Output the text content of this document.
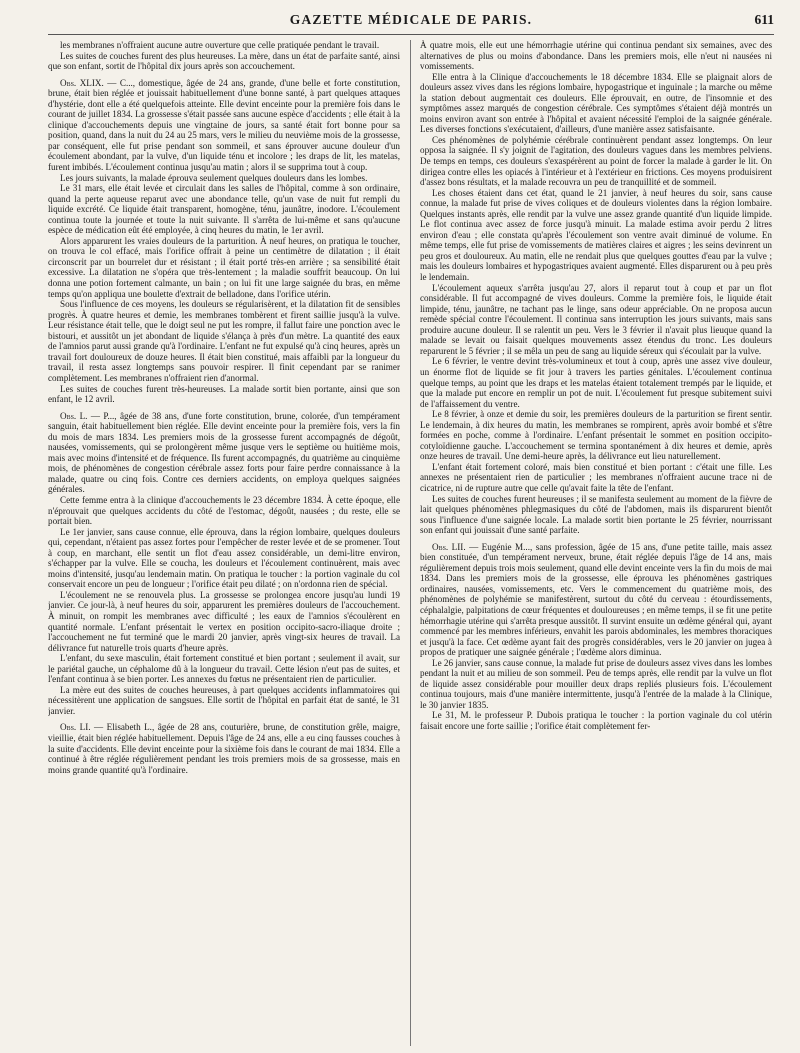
GAZETTE MÉDICALE DE PARIS.	611

les membranes n'offraient aucune autre ouverture que celle pratiquée pendant le travail.

Les suites de couches furent des plus heureuses. La mère, dans un état de parfaite santé, ainsi que son enfant, sortit de l'hôpital dix jours après son accouchement.

Obs. XLIX. — C..., domestique, âgée de 24 ans, grande, d'une belle et forte constitution, brune, était bien réglée et jouissait habituellement d'une bonne santé, à part quelques attaques d'hystérie, dont elle a été quelquefois atteinte. Elle devint enceinte pour la première fois dans le courant de juillet 1834. La grossesse s'était passée sans aucune espèce d'accidents ; elle était à la clinique d'accouchements depuis une vingtaine de jours, sa santé était fort bonne pour sa position, quand, dans la nuit du 24 au 25 mars, vers le milieu du neuvième mois de la grossesse, par conséquent, elle fut prise pendant son sommeil, et sans éprouver aucune douleur d'un écoulement abondant, par la vulve, d'un liquide ténu et incolore ; les draps de lit, les matelas, furent imbibés. L'écoulement continua jusqu'au matin ; alors il se supprima tout à coup.

Les jours suivants, la malade éprouva seulement quelques douleurs dans les lombes.

Le 31 mars, elle était levée et circulait dans les salles de l'hôpital, comme à son ordinaire, quand la perte aqueuse reparut avec une abondance telle, qu'un vase de nuit fut rempli du liquide excrété. Ce liquide était transparent, homogène, ténu, jaunâtre, inodore. L'écoulement continua toute la journée et toute la nuit suivante. Il s'arrêta de lui-même et sans qu'aucune espèce de médication eût été employée, à cinq heures du matin, le 1er avril.

Alors apparurent les vraies douleurs de la parturition. À neuf heures, on pratiqua le toucher, on trouva le col effacé, mais l'orifice offrait à peine un centimètre de dilatation ; il était circonscrit par un bourrelet dur et résistant ; il était porté très-en arrière ; sa sensibilité était excessive. La dilatation ne s'opéra que très-lentement ; la maladie souffrit beaucoup. On lui donna une potion fortement calmante, un bain ; on lui fit une large saignée du bras, en même temps qu'on appliqua une boulette d'extrait de belladone, dans l'orifice utérin.

Sous l'influence de ces moyens, les douleurs se régularisèrent, et la dilatation fit de sensibles progrès. À quatre heures et demie, les membranes tombèrent et firent saillie jusqu'à la vulve. Leur résistance était telle, que le doigt seul ne put les rompre, il fallut faire une ponction avec le bistouri, et aussitôt un jet abondant de liquide s'élança à près d'un mètre. La quantité des eaux de l'amnios parut aussi grande qu'à l'ordinaire. L'enfant ne fut expulsé qu'à cinq heures, après un travail fort douloureux de douze heures. Il était bien constitué, mais affaibli par la longueur du travail, il resta assez longtemps sans pouvoir respirer. Il finit cependant par se ranimer complètement. Les membranes n'offraient rien d'anormal.

Les suites de couches furent très-heureuses. La malade sortit bien portante, ainsi que son enfant, le 12 avril.

Obs. L. — P..., âgée de 38 ans, d'une forte constitution, brune, colorée, d'un tempérament sanguin, était habituellement bien réglée. Elle devint enceinte pour la première fois, vers la fin du mois de mars 1834. Les premiers mois de la grossesse furent accompagnés de dégoût, nausées, vomissements, qui se prolongèrent même jusque vers le septième ou huitième mois, mais avec moins d'intensité et de fréquence. Ils furent accompagnés, du quatrième au cinquième mois, de phénomènes de congestion cérébrale assez forts pour faire perdre connaissance à la malade, quatre ou cinq fois. Contre ces derniers accidents, on employa quelques saignées générales.

Cette femme entra à la clinique d'accouchements le 23 décembre 1834. À cette époque, elle n'éprouvait que quelques accidents du côté de l'estomac, dégoût, nausées ; du reste, elle se portait bien.

Le 1er janvier, sans cause connue, elle éprouva, dans la région lombaire, quelques douleurs qui, cependant, n'étaient pas assez fortes pour l'empêcher de rester levée et de se promener. Tout à coup, en marchant, elle sentit un flot d'eau assez considérable, un demi-litre environ, s'échapper par la vulve. Elle se coucha, les douleurs et l'écoulement continuèrent, mais avec moins d'intensité, jusqu'au lendemain matin. On pratiqua le toucher : la portion vaginale du col conservait encore un peu de longueur ; l'orifice était peu dilaté ; on n'ordonna rien de spécial.

L'écoulement ne se renouvela plus. La grossesse se prolongea encore jusqu'au lundi 19 janvier. Ce jour-là, à neuf heures du soir, apparurent les premières douleurs de l'accouchement. À minuit, on rompit les membranes avec difficulté ; les eaux de l'amnios s'écoulèrent en quantité normale. L'enfant présentait le vertex en position occipito-sacro-iliaque droite ; l'accouchement ne fut terminé que le mardi 20 janvier, après vingt-six heures de travail. La délivrance fut naturelle trois quarts d'heure après.

L'enfant, du sexe masculin, était fortement constitué et bien portant ; seulement il avait, sur le pariétal gauche, un céphalome dû à la longueur du travail. Cette lésion n'eut pas de suites, et l'enfant continua à se bien porter. Les annexes du fœtus ne présentaient rien de particulier.

La mère eut des suites de couches heureuses, à part quelques accidents inflammatoires qui nécessitèrent une application de sangsues. Elle sortit de l'hôpital en parfait état de santé, le 31 janvier.

Obs. LI. — Elisabeth L., âgée de 28 ans, couturière, brune, de constitution grêle, maigre, vieillie, était bien réglée habituellement. Depuis l'âge de 24 ans, elle a eu cinq fausses couches à la suite d'accidents. Elle devint enceinte pour la sixième fois dans le courant de mai 1834. Elle a continué à être réglée régulièrement pendant les trois premiers mois de sa grossesse, mais en moins grande quantité qu'à l'ordinaire.

À quatre mois, elle eut une hémorrhagie utérine qui continua pendant six semaines, avec des alternatives de plus ou moins d'abondance. Dans les premiers mois, elle n'eut ni nausées ni vomissements.

Elle entra à la Clinique d'accouchements le 18 décembre 1834. Elle se plaignait alors de douleurs assez vives dans les régions lombaire, hypogastrique et inguinale ; la marche ou même la station debout augmentait ces douleurs. Elle éprouvait, en outre, de l'insomnie et des symptômes assez marqués de congestion cérébrale. Ces symptômes s'étaient déjà montrés un moins environ avant son entrée à l'hôpital et avaient nécessité l'emploi de la saignée générale. Les diverses fonctions s'exécutaient, d'ailleurs, d'une manière assez satisfaisante.

Ces phénomènes de polyhémie cérébrale continuèrent pendant assez longtemps. On leur opposa la saignée. Il s'y joignit de l'agitation, des douleurs vagues dans les membres pelviens. De temps en temps, ces douleurs s'exaspérèrent au point de forcer la malade à garder le lit. On dirigea contre elles les opiacés à l'intérieur et à l'extérieur en frictions. Ces moyens produisirent d'assez bons résultats, et la malade recouvra un peu de tranquillité et de sommeil.

Les choses étaient dans cet état, quand le 21 janvier, à neuf heures du soir, sans cause connue, la malade fut prise de vives coliques et de douleurs violentes dans la région lombaire. Quelques instants après, elle rendit par la vulve une assez grande quantité d'un liquide limpide. Le flot continua avec assez de force jusqu'à minuit. La malade estima avoir perdu 2 litres environ d'eau ; elle constata qu'après l'écoulement son ventre avait diminué de volume. En même temps, elle fut prise de vomissements de matières claires et aigres ; les seins devinrent un peu gros et douloureux. Au matin, elle ne rendait plus que quelques gouttes d'eau par la vulve ; mais les douleurs lombaires et hypogastriques avaient augmenté. Elles disparurent ou à peu près le lendemain.

L'écoulement aqueux s'arrêta jusqu'au 27, alors il reparut tout à coup et par un flot considérable. Il fut accompagné de vives douleurs. Comme la première fois, le liquide était limpide, ténu, jaunâtre, ne tachant pas le linge, sans odeur appréciable. On ne proposa aucun remède spécial contre l'écoulement. Il continua sans interruption les jours suivants, mais sans produire aucune douleur. Il se ralentit un peu. Vers le 3 février il n'avait plus lieuque quand la malade se levait ou faisait quelques mouvements assez étendus du tronc. Les douleurs reparurent le 5 février ; il se mêla un peu de sang au liquide séreux qui s'écoulait par la vulve.

Le 6 février, le ventre devint très-volumineux et tout à coup, après une assez vive douleur, un énorme flot de liquide se fit jour à travers les parties génitales. L'écoulement continua quelque temps, au point que les draps et les matelas étaient totalement trempés par le liquide, et que la malade put encore en remplir un pot de nuit. L'écoulement fut presque subitement suivi de l'affaissement du ventre.

Le 8 février, à onze et demie du soir, les premières douleurs de la parturition se firent sentir. Le lendemain, à dix heures du matin, les membranes se rompirent, après avoir bombé et s'être formées en poche, comme à l'ordinaire. L'enfant présentait le sommet en position occipito-cotyloïdienne gauche. L'accouchement se termina spontanément à dix heures et demie, après onze heures de travail. Une demi-heure après, la délivrance eut lieu naturellement.

L'enfant était fortement coloré, mais bien constitué et bien portant : c'était une fille. Les annexes ne présentaient rien de particulier ; les membranes n'offraient aucune trace ni de cicatrice, ni de rupture autre que celle qu'avait faite la tête de l'enfant.

Les suites de couches furent heureuses ; il se manifesta seulement au moment de la fièvre de lait quelques phénomènes phlegmasiques du côté de l'abdomen, mais ils disparurent bientôt sous l'influence d'une saignée locale. La malade sortit bien portante le 25 février, nourrissant son enfant qui jouissait d'une santé parfaite.

Obs. LII. — Eugénie M..., sans profession, âgée de 15 ans, d'une petite taille, mais assez bien constituée, d'un tempérament nerveux, brune, était réglée depuis l'âge de 14 ans, mais régulièrement depuis trois mois seulement, quand elle devint enceinte vers la fin du mois de mai 1834. Dans les premiers mois de la grossesse, elle éprouva les phénomènes gastriques ordinaires, nausées, vomissements, etc. Vers le commencement du quatrième mois, des phénomènes de polyhémie se manifestèrent, surtout du côté du cerveau : étourdissements, céphalalgie, palpitations de cœur fréquentes et douloureuses ; en même temps, il se fit une petite hémorrhagie utérine qui s'arrêta presque aussitôt. Il survint ensuite un œdème général qui, ayant commencé par les membres inférieurs, envahit les parois abdominales, les membres thoraciques et jusqu'à la face. Cet œdème ayant fait des progrès considérables, vers le 20 janvier on jugea à propos de pratiquer une saignée générale ; l'œdème alors diminua.

Le 26 janvier, sans cause connue, la malade fut prise de douleurs assez vives dans les lombes pendant la nuit et au milieu de son sommeil. Peu de temps après, elle rendit par la vulve un flot de liquide assez considérable pour mouiller deux draps repliés plusieurs fois. L'écoulement continua toujours, mais d'une manière intermittente, jusqu'à l'entrée de la malade à la Clinique, le 30 janvier 1835.

Le 31, M. le professeur P. Dubois pratiqua le toucher : la portion vaginale du col utérin faisait encore une forte saillie ; l'orifice était complètement fer-
